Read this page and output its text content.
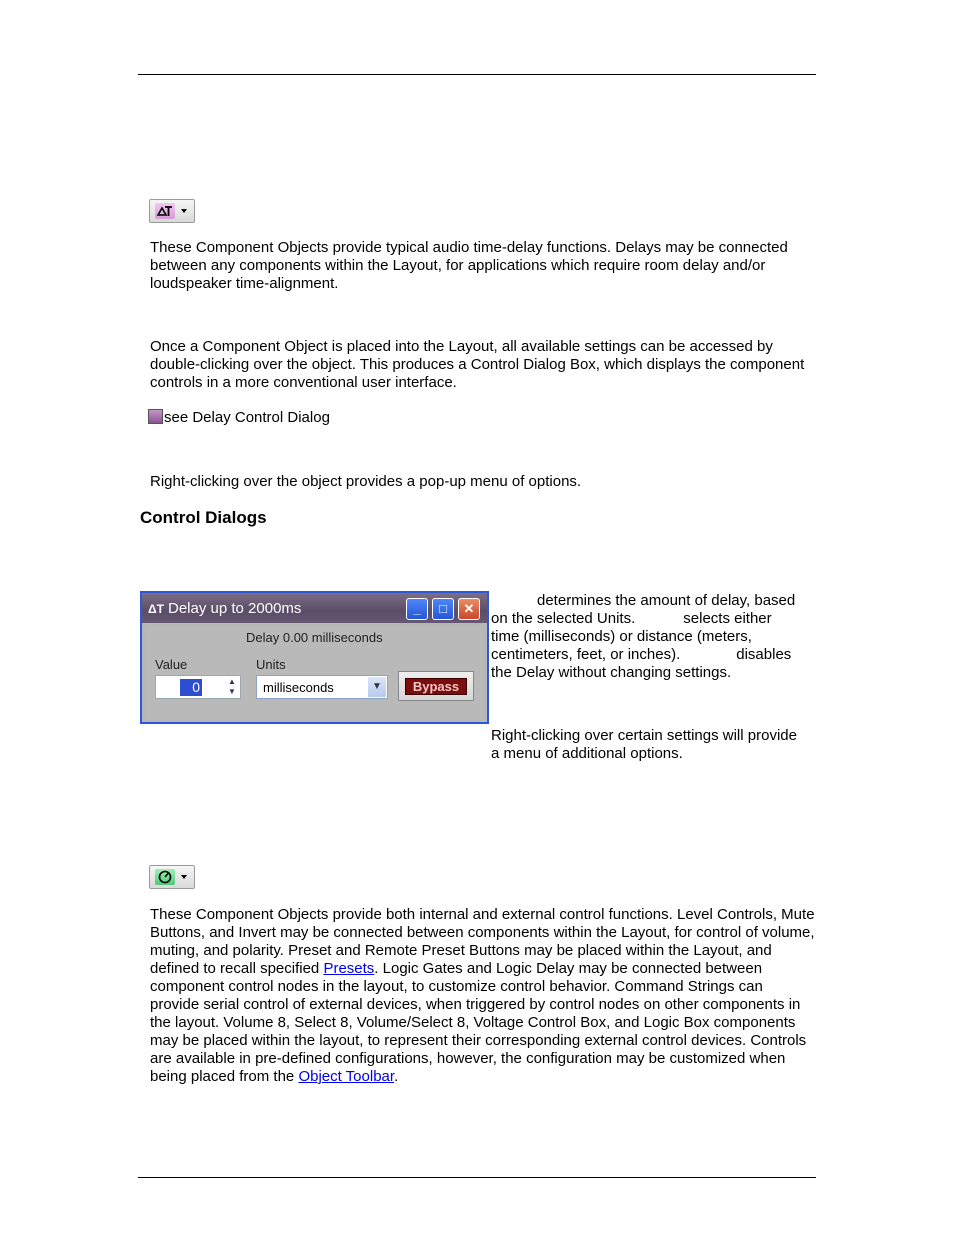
These Component Objects provide typical audio time-delay functions. Delays may be connected between any components within the Layout, for applications which require room delay and/or loudspeaker time-alignment.

Once a Component Object is placed into the Layout, all available settings can be accessed by double-clicking over the object. This produces a Control Dialog Box, which displays the component controls in a more conventional user interface.

see Delay Control Dialog

Right-clicking over the object provides a pop-up menu of options.

Control Dialogs
ΔT Delay up to 2000ms	_	□	✕
Delay 0.00 milliseconds
Value	Units
0	▲
▼ milliseconds	▼	Bypass
determines the amount of delay, based
on the selected Units.	selects either
time (milliseconds) or distance (meters,
centimeters, feet, or inches).	disables
the Delay without changing settings.
Right-clicking over certain settings will provide
a menu of additional options.

These Component Objects provide both internal and external control functions. Level Controls, Mute Buttons, and Invert may be connected between components within the Layout, for control of volume, muting, and polarity. Preset and Remote Preset Buttons may be placed within the Layout, and defined to recall specified Presets. Logic Gates and Logic Delay may be connected between component control nodes in the layout, to customize control behavior. Command Strings can provide serial control of external devices, when triggered by control nodes on other components in the layout. Volume 8, Select 8, Volume/Select 8, Voltage Control Box, and Logic Box components may be placed within the layout, to represent their corresponding external control devices. Controls are available in pre-defined configurations, however, the configuration may be customized when being placed from the Object Toolbar.
